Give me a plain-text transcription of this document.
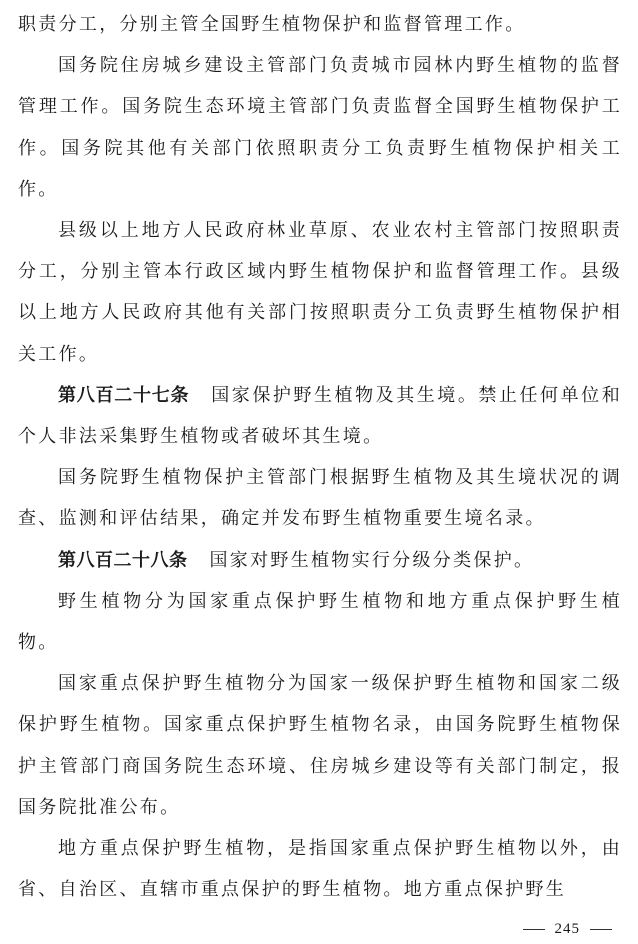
职责分工，分别主管全国野生植物保护和监督管理工作。

国务院住房城乡建设主管部门负责城市园林内野生植物的监督管理工作。国务院生态环境主管部门负责监督全国野生植物保护工作。国务院其他有关部门依照职责分工负责野生植物保护相关工作。

县级以上地方人民政府林业草原、农业农村主管部门按照职责分工，分别主管本行政区域内野生植物保护和监督管理工作。县级以上地方人民政府其他有关部门按照职责分工负责野生植物保护相关工作。

第八百二十七条 国家保护野生植物及其生境。禁止任何单位和个人非法采集野生植物或者破坏其生境。

国务院野生植物保护主管部门根据野生植物及其生境状况的调查、监测和评估结果，确定并发布野生植物重要生境名录。

第八百二十八条 国家对野生植物实行分级分类保护。

野生植物分为国家重点保护野生植物和地方重点保护野生植物。

国家重点保护野生植物分为国家一级保护野生植物和国家二级保护野生植物。国家重点保护野生植物名录，由国务院野生植物保护主管部门商国务院生态环境、住房城乡建设等有关部门制定，报国务院批准公布。

地方重点保护野生植物，是指国家重点保护野生植物以外，由省、自治区、直辖市重点保护的野生植物。地方重点保护野生

245
